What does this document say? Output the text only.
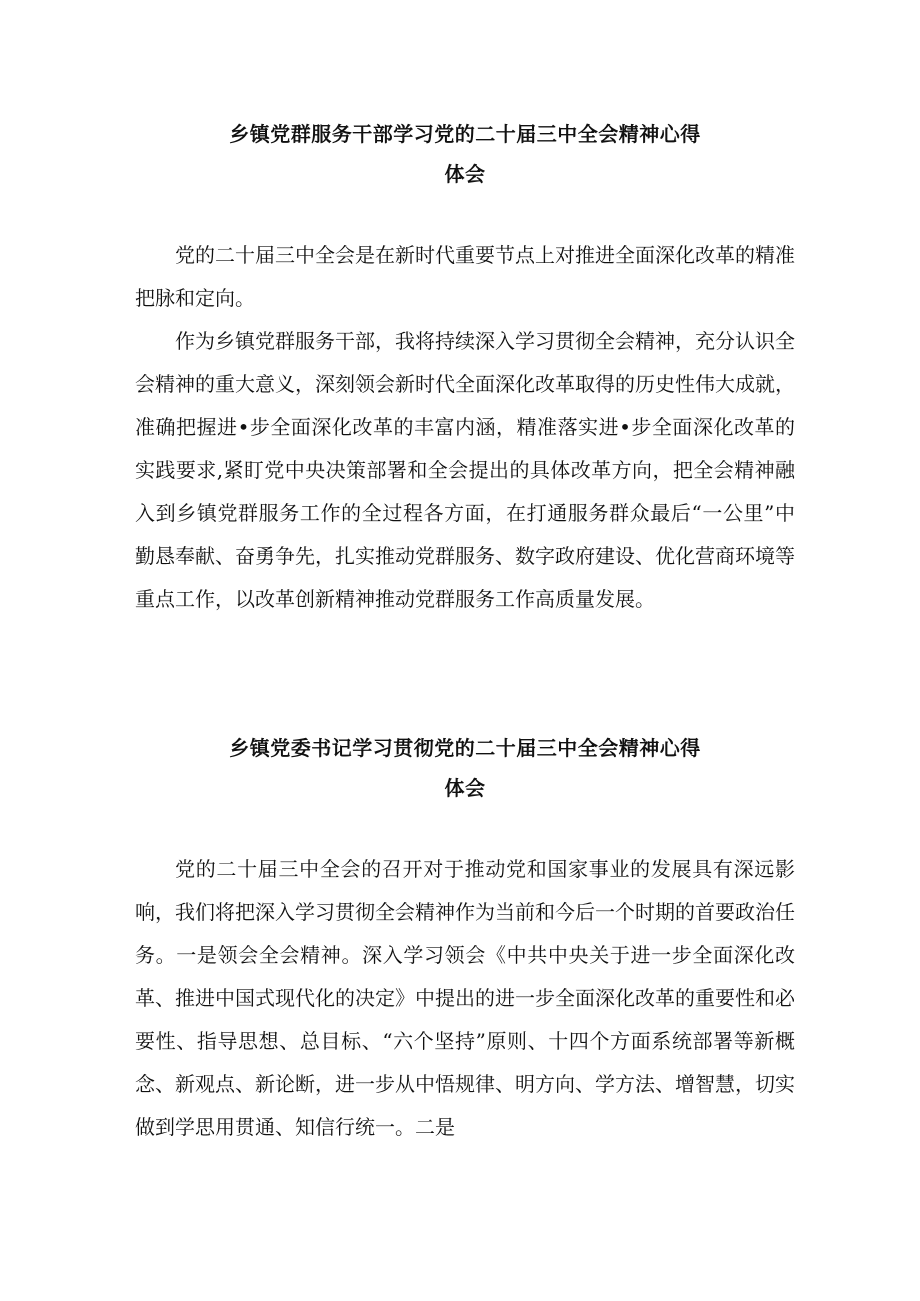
乡镇党群服务干部学习党的二十届三中全会精神心得
体会

党的二十届三中全会是在新时代重要节点上对推进全面深化改革的精准把脉和定向。

作为乡镇党群服务干部，我将持续深入学习贯彻全会精神，充分认识全会精神的重大意义，深刻领会新时代全面深化改革取得的历史性伟大成就，准确把握进•步全面深化改革的丰富内涵，精准落实进•步全面深化改革的实践要求,紧盯党中央决策部署和全会提出的具体改革方向，把全会精神融入到乡镇党群服务工作的全过程各方面，在打通服务群众最后“一公里”中勤恳奉献、奋勇争先，扎实推动党群服务、数字政府建设、优化营商环境等重点工作，以改革创新精神推动党群服务工作高质量发展。

乡镇党委书记学习贯彻党的二十届三中全会精神心得
体会

党的二十届三中全会的召开对于推动党和国家事业的发展具有深远影响，我们将把深入学习贯彻全会精神作为当前和今后一个时期的首要政治任务。一是领会全会精神。深入学习领会《中共中央关于进一步全面深化改革、推进中国式现代化的决定》中提出的进一步全面深化改革的重要性和必要性、指导思想、总目标、“六个坚持”原则、十四个方面系统部署等新概念、新观点、新论断，进一步从中悟规律、明方向、学方法、增智慧，切实做到学思用贯通、知信行统一。二是
